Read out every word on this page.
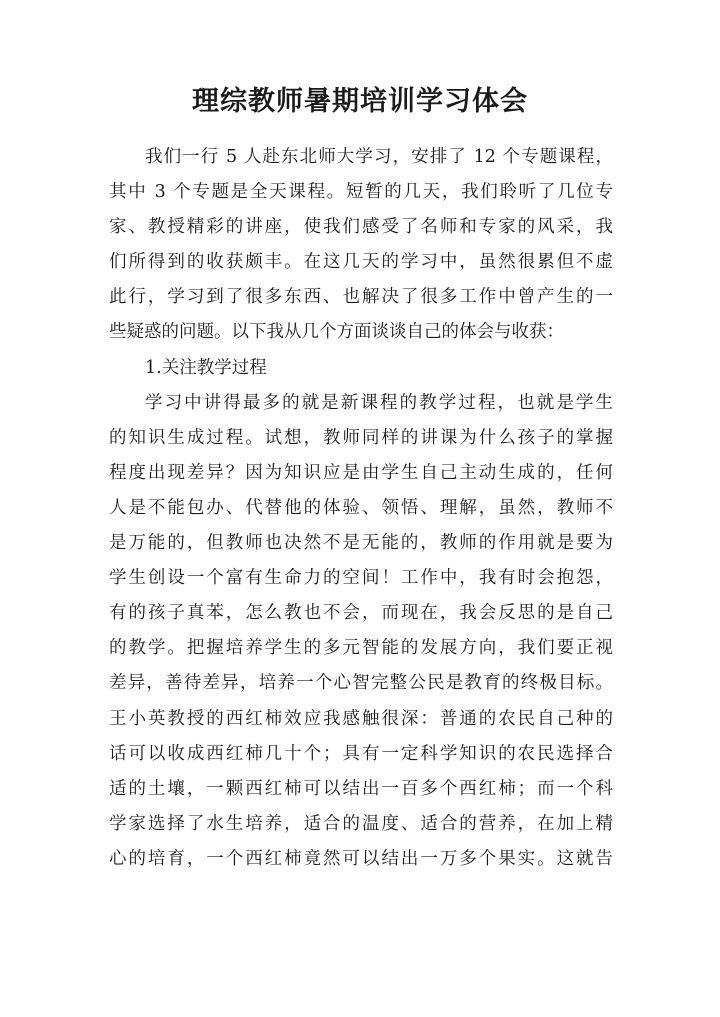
理综教师暑期培训学习体会
我们一行 5 人赴东北师大学习，安排了 12 个专题课程，
其中 3 个专题是全天课程。短暂的几天，我们聆听了几位专
家、教授精彩的讲座，使我们感受了名师和专家的风采，我
们所得到的收获颇丰。在这几天的学习中，虽然很累但不虚
此行，学习到了很多东西、也解决了很多工作中曾产生的一
些疑惑的问题。以下我从几个方面谈谈自己的体会与收获：
1.关注教学过程
学习中讲得最多的就是新课程的教学过程，也就是学生
的知识生成过程。试想，教师同样的讲课为什么孩子的掌握
程度出现差异？因为知识应是由学生自己主动生成的，任何
人是不能包办、代替他的体验、领悟、理解，虽然，教师不
是万能的，但教师也决然不是无能的，教师的作用就是要为
学生创设一个富有生命力的空间！工作中，我有时会抱怨，
有的孩子真苯，怎么教也不会，而现在，我会反思的是自己
的教学。把握培养学生的多元智能的发展方向，我们要正视
差异，善待差异，培养一个心智完整公民是教育的终极目标。
王小英教授的西红柿效应我感触很深：普通的农民自己种的
话可以收成西红柿几十个；具有一定科学知识的农民选择合
适的土壤，一颗西红柿可以结出一百多个西红柿；而一个科
学家选择了水生培养，适合的温度、适合的营养，在加上精
心的培育，一个西红柿竟然可以结出一万多个果实。这就告
